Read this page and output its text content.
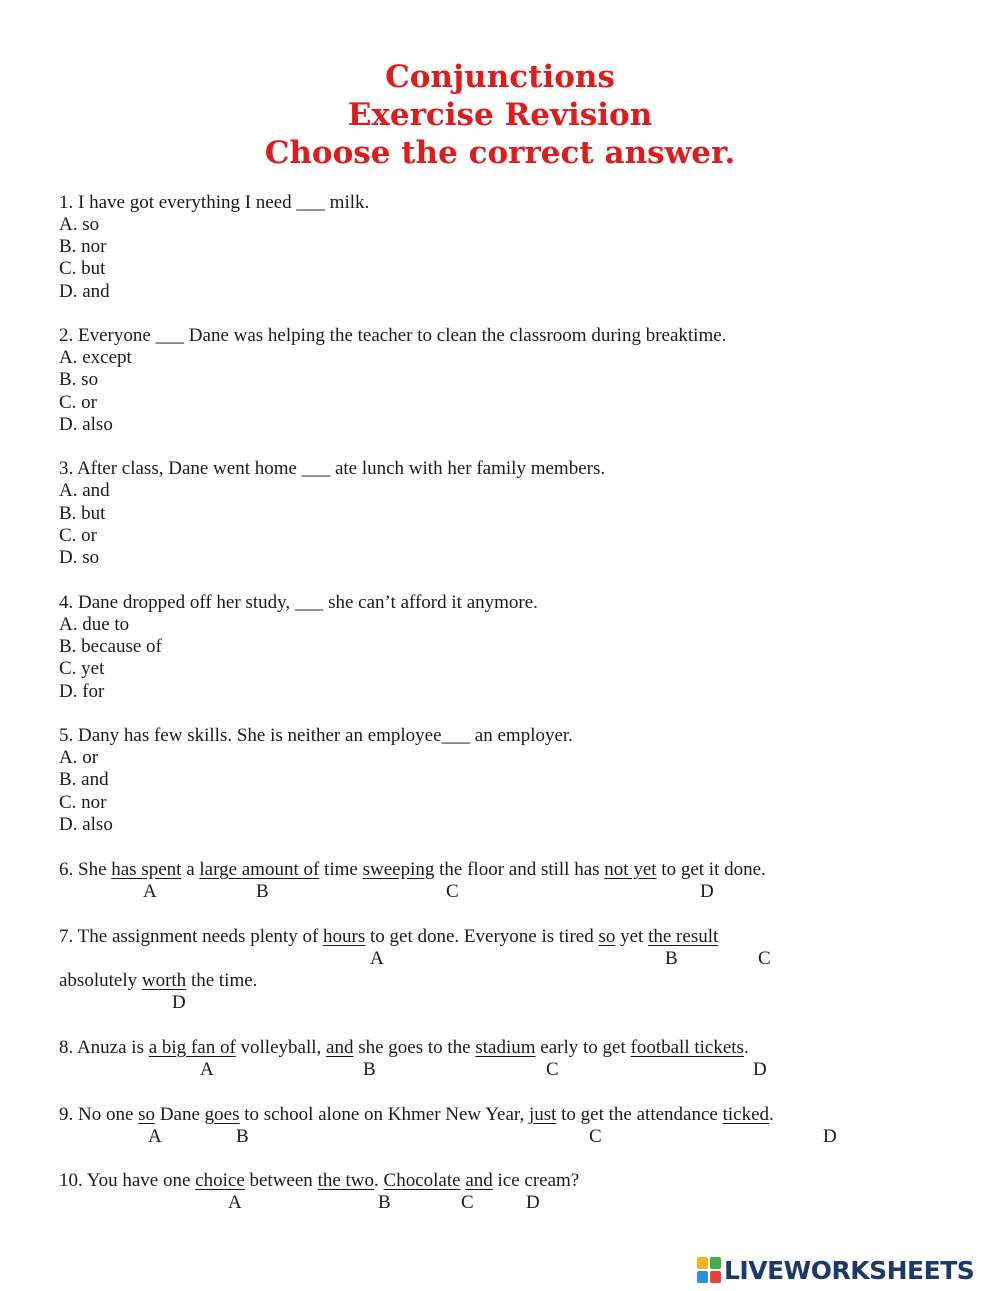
Conjunctions
Exercise Revision
Choose the correct answer.
1. I have got everything I need ___ milk.
A. so
B. nor
C. but
D. and
2. Everyone ___ Dane was helping the teacher to clean the classroom during breaktime.
A. except
B. so
C. or
D. also
3. After class, Dane went home ___ ate lunch with her family members.
A. and
B. but
C. or
D. so
4. Dane dropped off her study, ___ she can’t afford it anymore.
A. due to
B. because of
C. yet
D. for
5. Dany has few skills. She is neither an employee___ an employer.
A. or
B. and
C. nor
D. also
6. She has spent a large amount of time sweeping the floor and still has not yet to get it done.
A	B	C	D
7. The assignment needs plenty of hours to get done. Everyone is tired so yet the result
A	B	C
absolutely worth the time.
D
8. Anuza is a big fan of volleyball, and she goes to the stadium early to get football tickets.
A	B	C	D
9. No one so Dane goes to school alone on Khmer New Year, just to get the attendance ticked.
A	B	C	D
10. You have one choice between the two. Chocolate and ice cream?
A	B	C	D
LIVEWORKSHEETS
